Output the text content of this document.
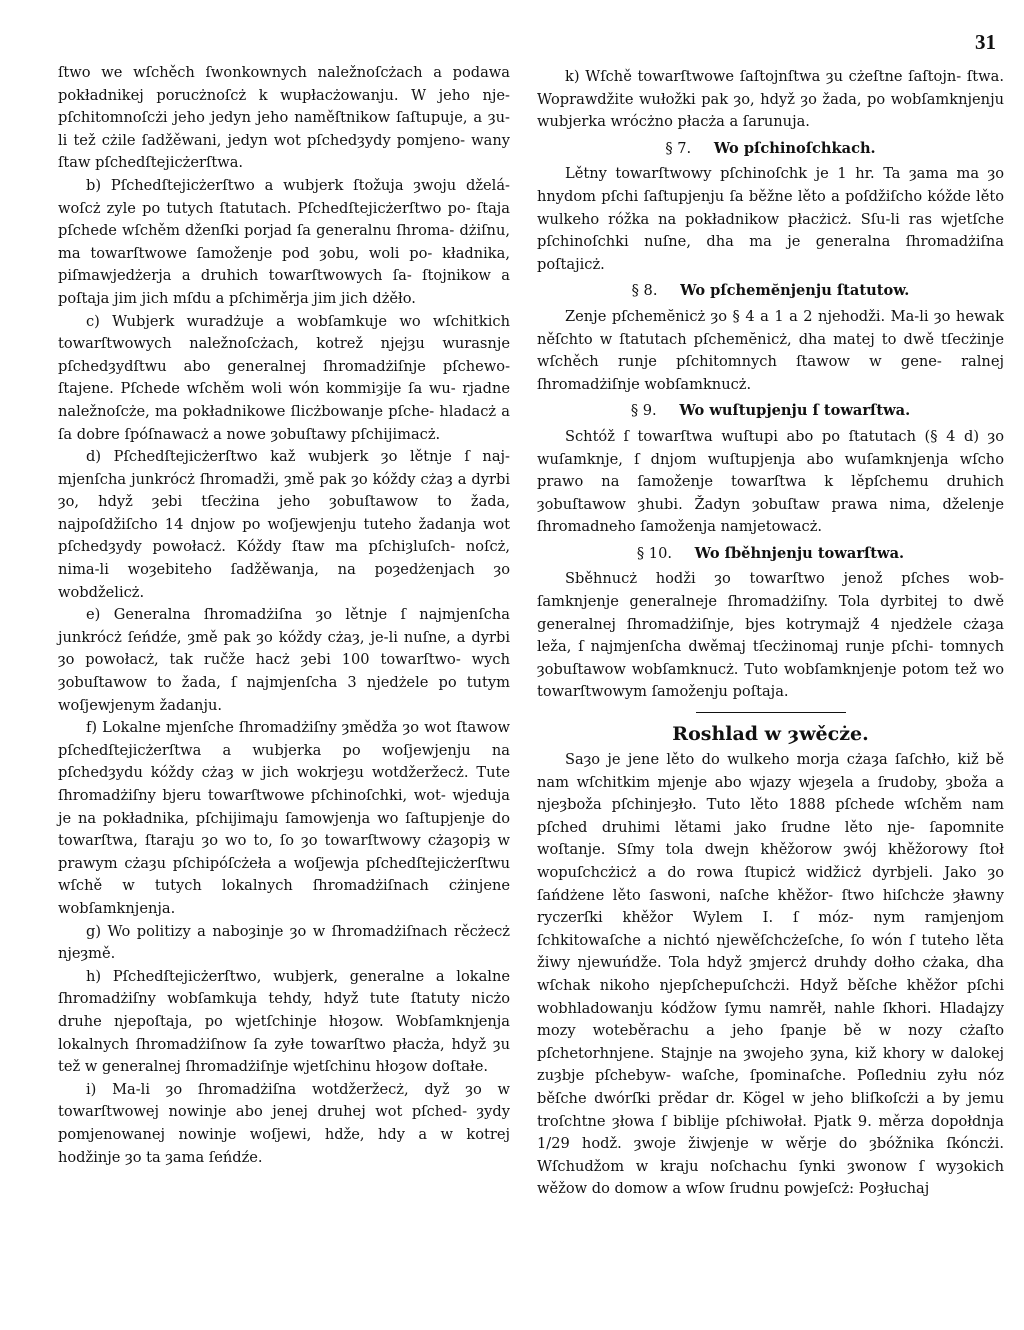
31

ſtwo we wſchěch ſwonkownych naležnoſcżach a podawa pokładnikej porucżnoſcż k wupłacżowanju. W jeho nje- pſchitomnoſcżi jeho jedyn jeho naměſtnikow ſaſtupuje, a ȝu-li tež cżile ſadžěwani, jedyn wot pſchedȝydy pomjeno- wany ſtaw pſchedſtejicżerſtwa.

b) Pſchedſtejicżerſtwo a wubjerk ſtožuja ȝwoju dželá- woſcż zyle po tutych ſtatutach. Pſchedſtejicżerſtwo po- ſtaja pſchede wſchěm dženſki porjad ſa generalnu ſhroma- dżiſnu, ma towarſtwowe ſamoženje pod ȝobu, woli po- kładnika, piſmawjedżerja a druhich towarſtwowych ſa- ſtojnikow a poſtaja jim jich mſdu a pſchiměrja jim jich dżěło.

c) Wubjerk wuradżuje a wobſamkuje wo wſchitkich towarſtwowych naležnoſcżach, kotrež njejȝu wurasnje pſchedȝydſtwu abo generalnej ſhromadżiſnje pſchewo- ſtajene. Pſchede wſchěm woli wón kommiȝije ſa wu- rjadne naležnoſcże, ma pokładnikowe ſlicżbowanje pſche- hladacż a ſa dobre ſpóſnawacż a nowe ȝobuſtawy pſchijimacż.

d) Pſchedſtejicżerſtwo kaž wubjerk ȝo lětnje ſ naj- mjenſcha junkrócż ſhromadži, ȝmě pak ȝo kóždy cżaȝ a dyrbi ȝo, hdyž ȝebi tſecżina jeho ȝobuſtawow to žada, najpoſdžiſcho 14 dnjow po woſjewjenju tuteho žadanja wot pſchedȝydy powołacż. Kóždy ſtaw ma pſchiȝluſch- noſcż, nima-li woȝebiteho ſadžěwanja, na poȝedżenjach ȝo wobdželicż.

e) Generalna ſhromadżiſna ȝo lětnje ſ najmjenſcha junkrócż ſeńdźe, ȝmě pak ȝo kóždy cżaȝ, je-li nuſne, a dyrbi ȝo powołacż, tak ručže hacż ȝebi 100 towarſtwo- wych ȝobuſtawow to žada, ſ najmjenſcha 3 njedżele po tutym woſjewjenym žadanju.

f) Lokalne mjenſche ſhromadżiſny ȝmědža ȝo wot ſtawow pſchedſtejicżerſtwa a wubjerka po woſjewjenju na pſchedȝydu kóždy cżaȝ w jich wokrjeȝu wotdžeržecż. Tute ſhromadżiſny bjeru towarſtwowe pſchinoſchki, wot- wjeduja je na pokładnika, pſchijimaju ſamowjenja wo ſaſtupjenje do towarſtwa, ſtaraju ȝo wo to, ſo ȝo towarſtwowy cżaȝopiȝ w prawym cżaȝu pſchipóſcżeła a woſjewja pſchedſtejicżerſtwu wſchě w tutych lokalnych ſhromadżiſnach cżinjene wobſamknjenja.

g) Wo politizy a naboȝinje ȝo w ſhromadżiſnach rěcżecż njeȝmě.

h) Pſchedſtejicżerſtwo, wubjerk, generalne a lokalne ſhromadżiſny wobſamkuja tehdy, hdyž tute ſtatuty nicżo druhe njepoſtaja, po wjetſchinje hłoȝow. Wobſamknjenja lokalnych ſhromadżiſnow ſa zyłe towarſtwo płacża, hdyž ȝu tež w generalnej ſhromadżiſnje wjetſchinu hłoȝow doſtałe.

i) Ma-li ȝo ſhromadżiſna wotdžeržecż, dyž ȝo w towarſtwowej nowinje abo jenej druhej wot pſched- ȝydy pomjenowanej nowinje woſjewi, hdže, hdy a w kotrej hodžinje ȝo ta ȝama ſeńdźe.

k) Wſchě towarſtwowe ſaſtojnſtwa ȝu cżeſtne ſaſtojn- ſtwa. Woprawdžite wułožki pak ȝo, hdyž ȝo žada, po wobſamknjenju wubjerka wrócżno płacża a ſarunuja.

§ 7. Wo pſchinoſchkach.

Lětny towarſtwowy pſchinoſchk je 1 hr. Ta ȝama ma ȝo hnydom pſchi ſaſtupjenju ſa běžne lěto a poſdžiſcho kóžde lěto wulkeho róžka na pokładnikow płacżicż. Sſu-li ras wjetſche pſchinoſchki nuſne, dha ma je generalna ſhromadżiſna poſtajicż.

§ 8. Wo pſchemĕnjenju ſtatutow.

Zenje pſchemĕnicż ȝo § 4 a 1 a 2 njehodži. Ma-li ȝo hewak něſchto w ſtatutach pſchemĕnicż, dha matej to dwě tſecżinje wſchěch runje pſchitomnych ſtawow w gene- ralnej ſhromadżiſnje wobſamknucż.

§ 9. Wo wuſtupjenju ſ towarſtwa.

Schtóž ſ towarſtwa wuſtupi abo po ſtatutach (§ 4 d) ȝo wuſamknje, ſ dnjom wuſtupjenja abo wuſamknjenja wſcho prawo na ſamoženje towarſtwa k lěpſchemu druhich ȝobuſtawow ȝhubi. Žadyn ȝobuſtaw prawa nima, dželenje ſhromadneho ſamoženja namjetowacż.

§ 10. Wo ſběhnjenju towarſtwa.

Sběhnucż hodži ȝo towarſtwo jenož pſches wob- ſamknjenje generalneje ſhromadżiſny. Tola dyrbitej to dwě generalnej ſhromadżiſnje, bjes kotrymajž 4 njedżele cżaȝa leža, ſ najmjenſcha dwěmaj tſecżinomaj runje pſchi- tomnych ȝobuſtawow wobſamknucż. Tuto wobſamknjenje potom tež wo towarſtwowym ſamoženju poſtaja.

Roshlad w ȝwěcże.

Saȝo je jene lěto do wulkeho morja cżaȝa ſaſchło, kiž bě nam wſchitkim mjenje abo wjazy wjeȝela a ſrudoby, ȝboža a njeȝboža pſchinjeȝło. Tuto lěto 1888 pſchede wſchěm nam pſched druhimi lětami jako ſrudne lěto nje- ſapomnite woſtanje. Sſmy tola dwejn khěžorow ȝwój khěžorowy ſtoł wopuſchcżicż a do rowa ſtupicż widžicż dyrbjeli. Jako ȝo ſańdżene lěto ſaswoni, naſche khěžor- ſtwo hiſchcże ȝławny ryczerſki khěžor Wylem I. ſ móz- nym ramjenjom ſchkitowaſche a nichtó njewěſchcżeſche, ſo wón ſ tuteho lěta žiwy njewuńdže. Tola hdyž ȝmjercż druhdy dołho cżaka, dha wſchak nikoho njepſchepuſchcżi. Hdyž běſche khěžor pſchi wobhladowanju kódžow ſymu namrěł, nahle ſkhori. Hladajzy mozy woteběrachu a jeho ſpanje bě w nozy cżaſto pſchetorhnjene. Stajnje na ȝwojeho ȝyna, kiž khory w dalokej zuȝbje pſchebyw- waſche, ſpominaſche. Poſledniu zyłu nóz běſche dwórſki prědar dr. Kögel w jeho bliſkoſcżi a by jemu troſchtne ȝłowa ſ biblije pſchiwołał. Pjatk 9. měrza dopołdnja 1/29 hodž. ȝwoje žiwjenje w wěrje do ȝbóžnika ſkóncżi. Wſchudžom w kraju noſchachu ſynki ȝwonow ſ wyȝokich wěžow do domow a wſow ſrudnu powjeſcż: Poȝłuchaj
